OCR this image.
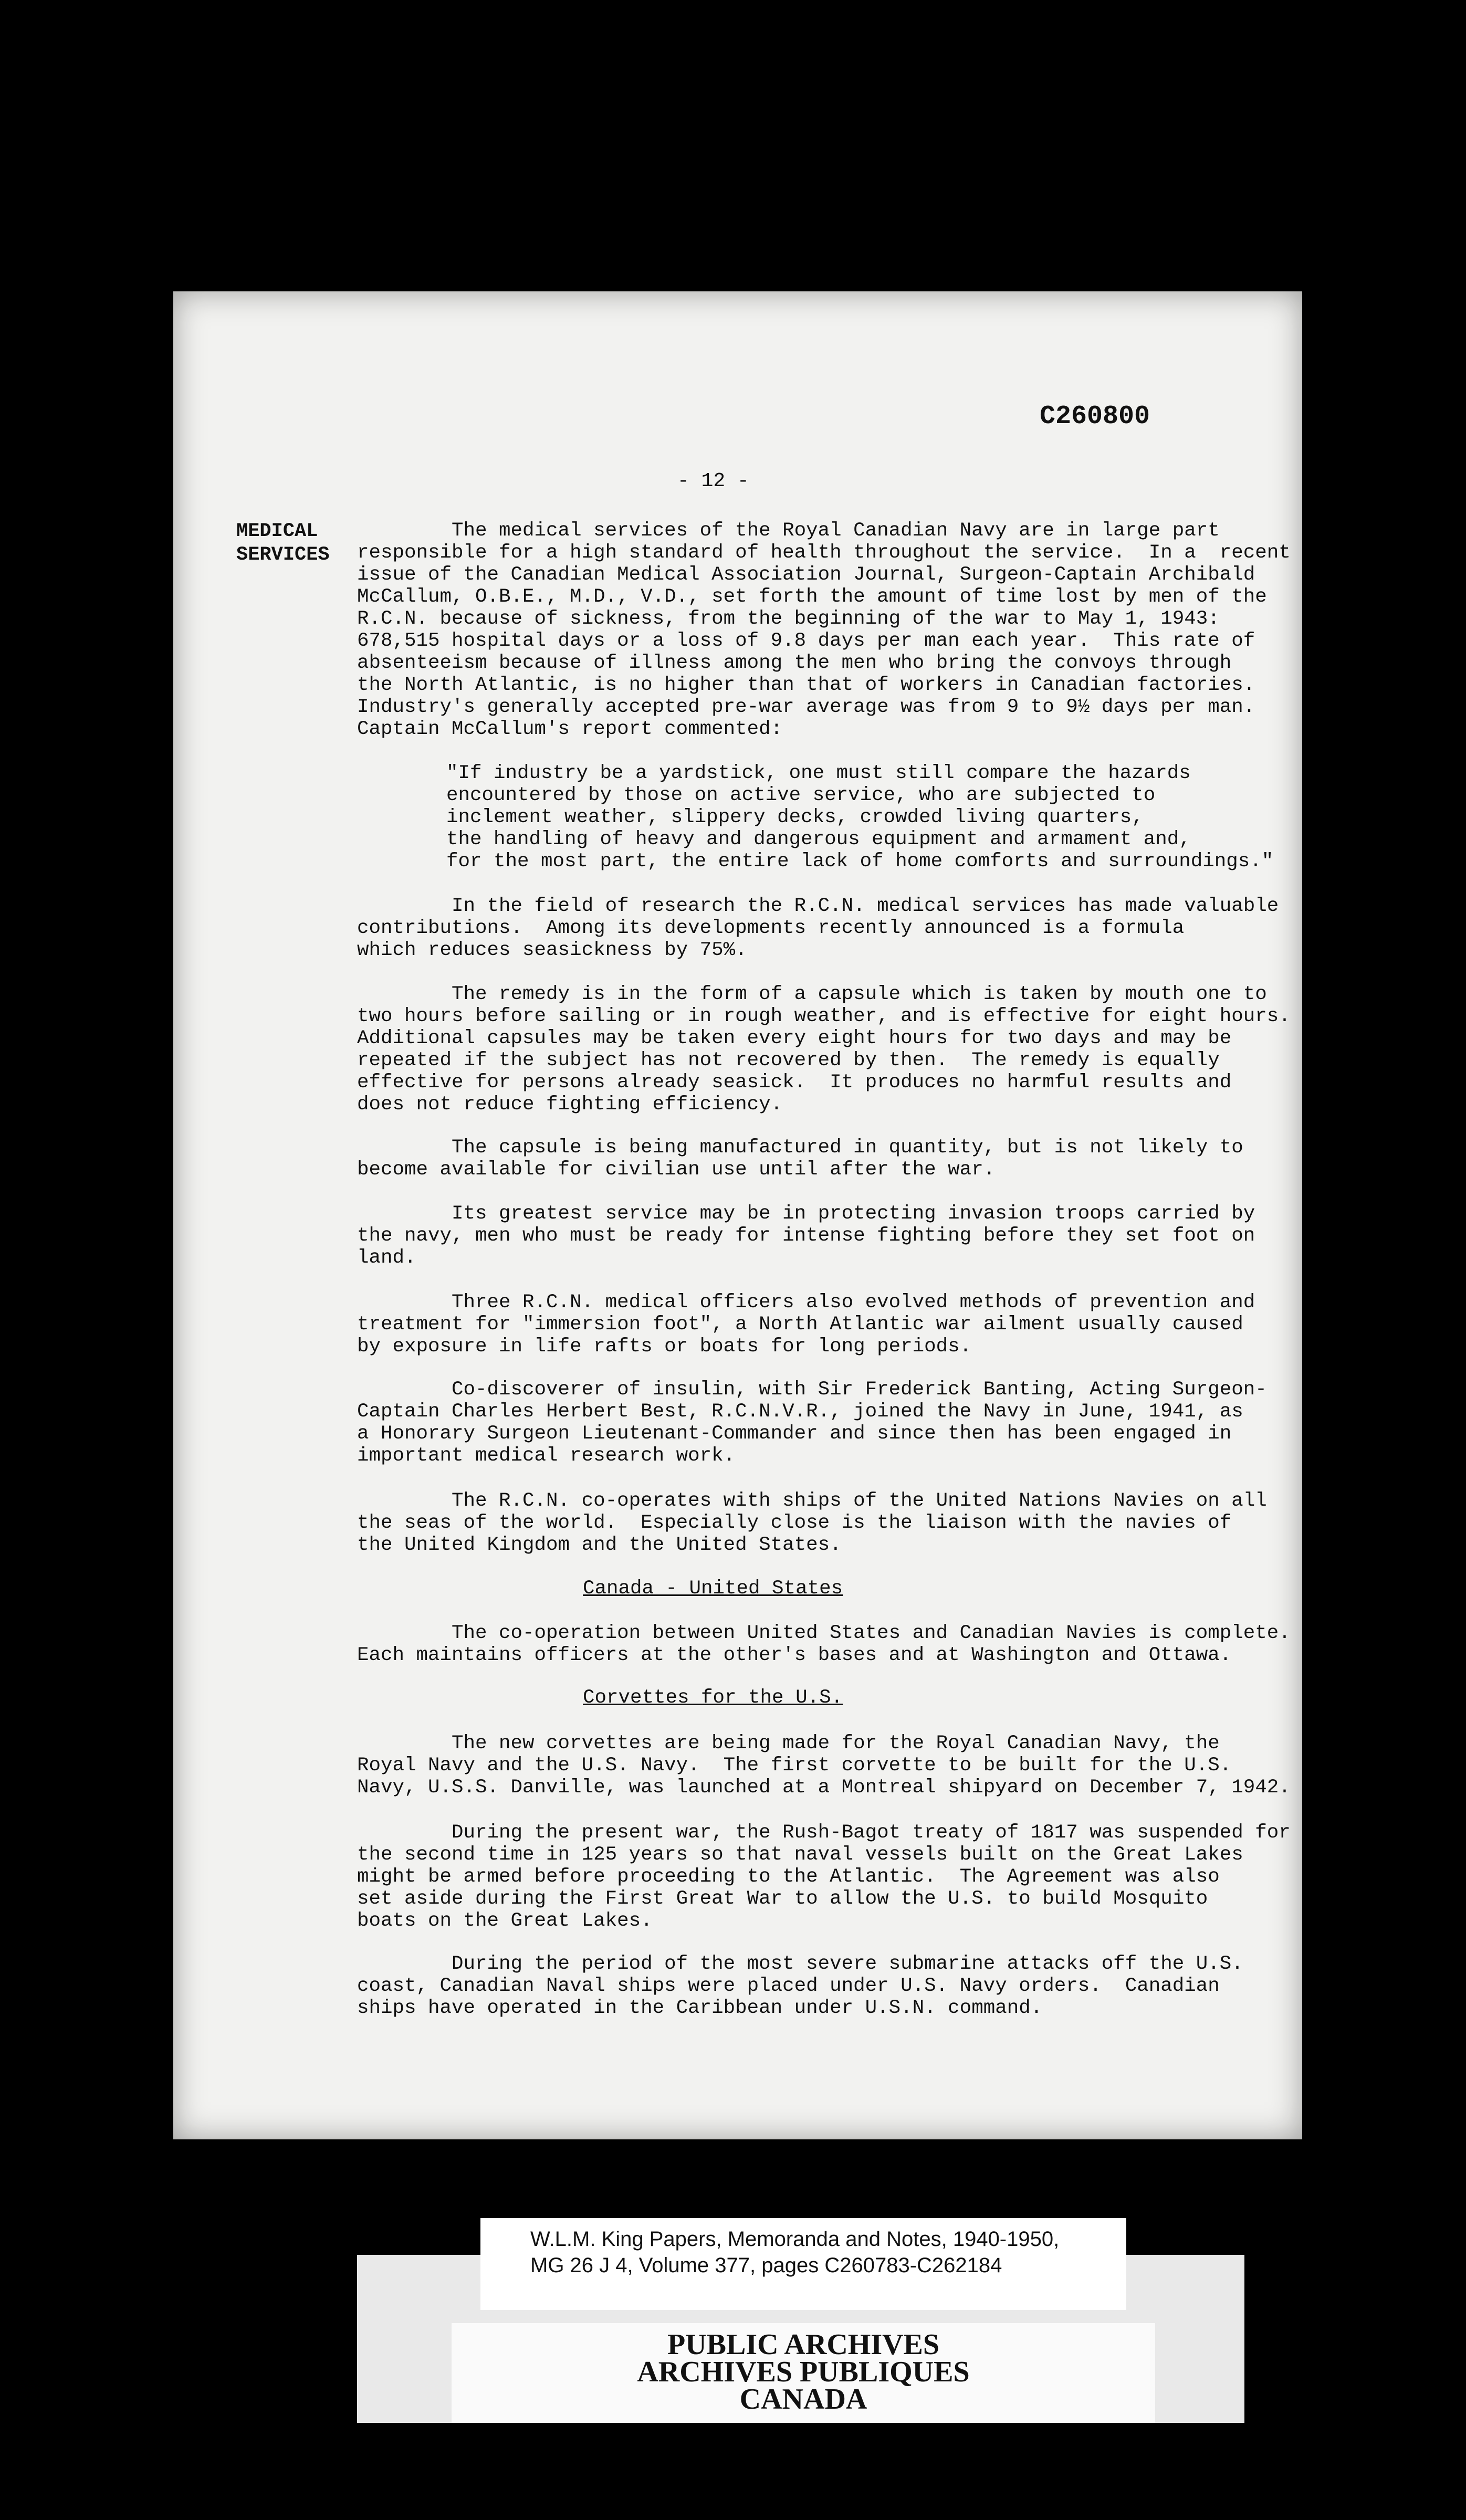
C260800
- 12 -
MEDICAL
SERVICES
The medical services of the Royal Canadian Navy are in large part
responsible for a high standard of health throughout the service.  In a
issue of the Canadian Medical Association Journal, Surgeon-Captain Archibald
McCallum, O.B.E., M.D., V.D., set forth the amount of time lost by men of
R.C.N. because of sickness, from the beginning of the war to May 1, 1943:
678,515 hospital days or a loss of 9.8 days per man each year.  This rate
absenteeism because of illness among the men who bring the convoys through
the North Atlantic, is no higher than that of workers in Canadian factories.
Industry's generally accepted pre-war average was from 9 to 9½ days per man.
Captain McCallum's report commented:
"If industry be a yardstick, one must still compare the hazards
encountered by those on active service, who are subjected to
inclement weather, slippery decks, crowded living quarters,
the handling of heavy and dangerous equipment and armament and,
for the most part, the entire lack of home comforts and surroundings."
In the field of research the R.C.N. medical services has made valuable
contributions.  Among its developments recently announced is a formula
which reduces seasickness by 75%.
The remedy is in the form of a capsule which is taken by mouth one
two hours before sailing or in rough weather, and is effective for eight
Additional capsules may be taken every eight hours for two days and may be
repeated if the subject has not recovered by then.  The remedy is equally
effective for persons already seasick.  It produces no harmful results and
does not reduce fighting efficiency.
The capsule is being manufactured in quantity, but is not likely to
become available for civilian use until after the war.
Its greatest service may be in protecting invasion troops carried
the navy, men who must be ready for intense fighting before they set foot
land.
Three R.C.N. medical officers also evolved methods of prevention and
treatment for "immersion foot", a North Atlantic war ailment usually caused
by exposure in life rafts or boats for long periods.
Co-discoverer of insulin, with Sir Frederick Banting, Acting Surgeon-
Captain Charles Herbert Best, R.C.N.V.R., joined the Navy in June, 1941, as
a Honorary Surgeon Lieutenant-Commander and since then has been engaged in
important medical research work.
The R.C.N. co-operates with ships of the United Nations Navies on
the seas of the world.  Especially close is the liaison with the navies of
the United Kingdom and the United States.
Canada - United States
The co-operation between United States and Canadian Navies is complete.
Each maintains officers at the other's bases and at Washington and Ottawa.
Corvettes for the U.S.
The new corvettes are being made for the Royal Canadian Navy, the
Royal Navy and the U.S. Navy.  The first corvette to be built for the U.S.
Navy, U.S.S. Danville, was launched at a Montreal shipyard on December 7,
During the present war, the Rush-Bagot treaty of 1817 was suspended
the second time in 125 years so that naval vessels built on the Great Lakes
might be armed before proceeding to the Atlantic.  The Agreement was also
set aside during the First Great War to allow the U.S. to build Mosquito
boats on the Great Lakes.
During the period of the most severe submarine attacks off the U.S.
coast, Canadian Naval ships were placed under U.S. Navy orders.  Canadian
ships have operated in the Caribbean under U.S.N. command.
W.L.M. King Papers, Memoranda and Notes, 1940-1950,
MG 26 J 4, Volume 377, pages C260783-C262184
PUBLIC ARCHIVES
ARCHIVES PUBLIQUES
CANADA
